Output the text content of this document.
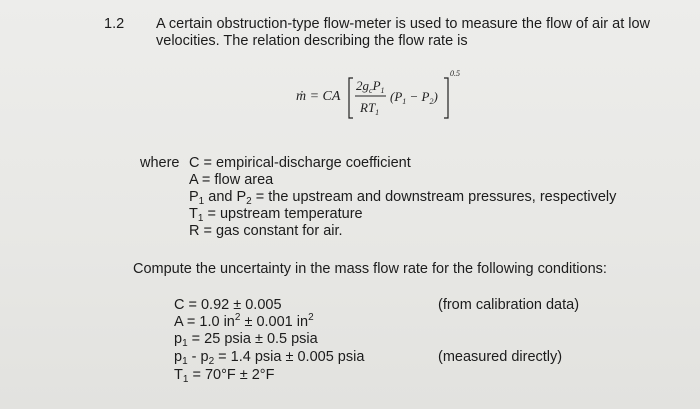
1.2 A certain obstruction-type flow-meter is used to measure the flow of air at low
velocities. The relation describing the flow rate is
ṁ = CA
$2g_cP_1$
$RT_1$
$(P_1 - P_2)$
0.5
where C = empirical-discharge coefficient
A = flow area
$P_1$ and $P_2$ = the upstream and downstream pressures, respectively
$T_1$ = upstream temperature
R = gas constant for air.
Compute the uncertainty in the mass flow rate for the following conditions:
C = 0.92 ± 0.005
A = 1.0 $in^2 \pm 0.001$ $in^2$
$p_1 = 25$ psia ± 0.5 psia
$p_1 - p_2 = 1.4$ psia ± 0.005 psia
$T_1 = 70^\circ F \pm 2^\circ F$
(from calibration data)
(measured directly)
